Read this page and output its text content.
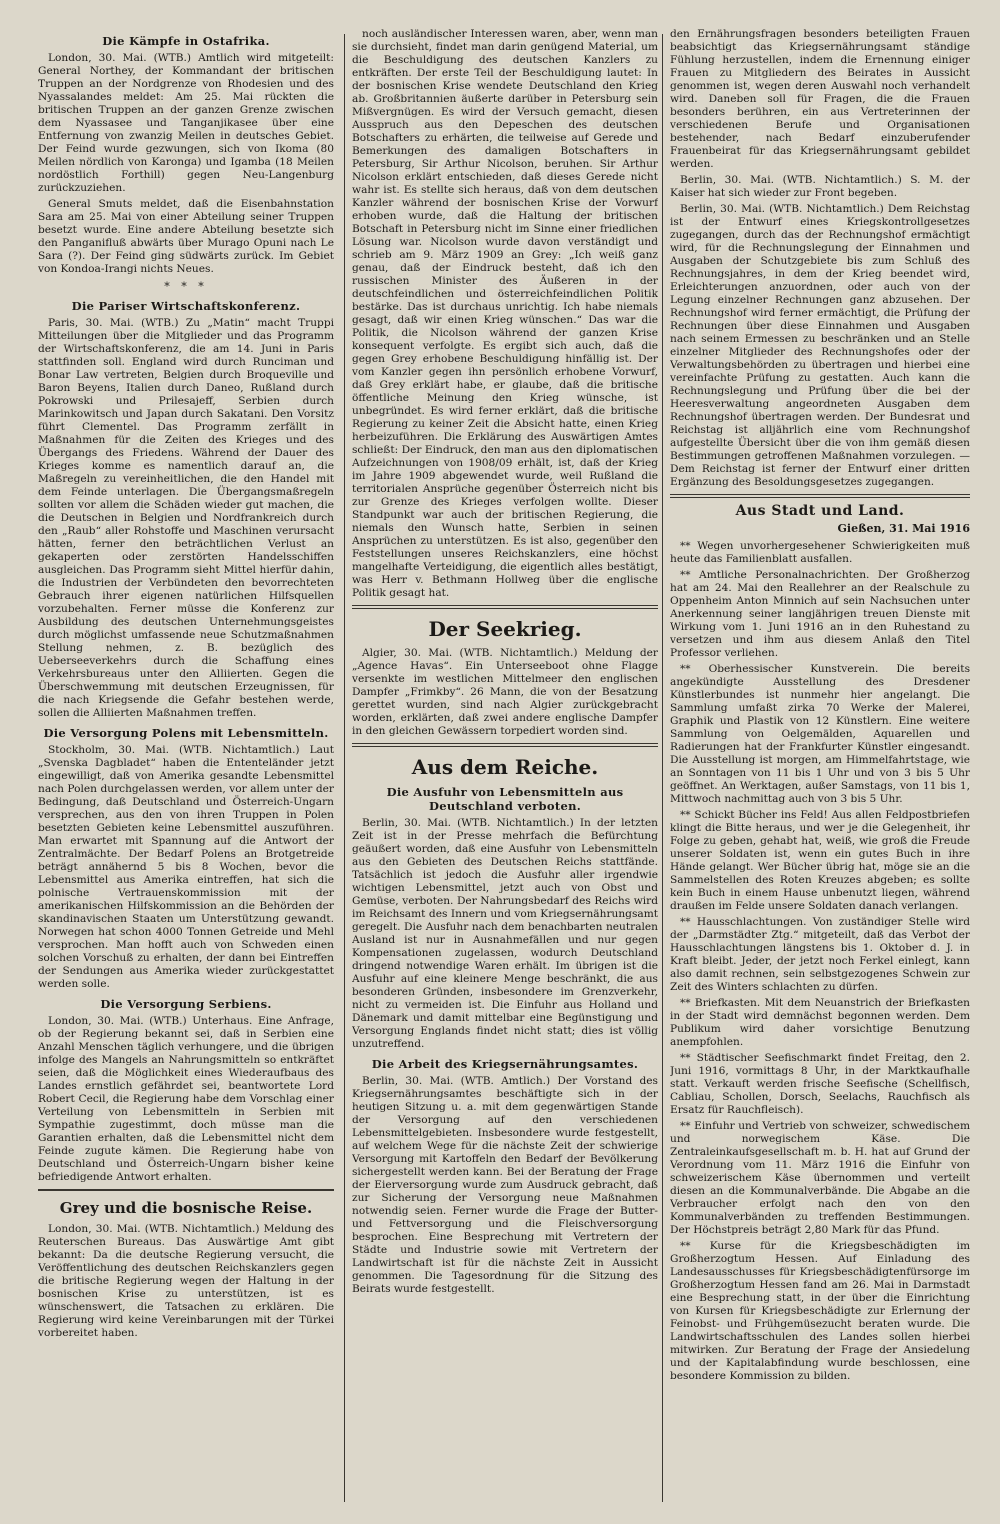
Die Kämpfe in Ostafrika.

London, 30. Mai. (WTB.) Amtlich wird mitgeteilt: General Northey, der Kommandant der britischen Truppen an der Nordgrenze von Rhodesien und des Nyassalandes meldet: Am 25. Mai rückten die britischen Truppen an der ganzen Grenze zwischen dem Nyassasee und Tanganjikasee über eine Entfernung von zwanzig Meilen in deutsches Gebiet. Der Feind wurde gezwungen, sich von Ikoma (80 Meilen nördlich von Karonga) und Igamba (18 Meilen nordöstlich Forthill) gegen Neu-Langenburg zurückzuziehen.

General Smuts meldet, daß die Eisenbahnstation Sara am 25. Mai von einer Abteilung seiner Truppen besetzt wurde. Eine andere Abteilung besetzte sich den Panganifluß abwärts über Murago Opuni nach Le Sara (?). Der Feind ging südwärts zurück. Im Gebiet von Kondoa-Irangi nichts Neues.

* * *
Die Pariser Wirtschaftskonferenz.

Paris, 30. Mai. (WTB.) Zu „Matin“ macht Truppi Mitteilungen über die Mitglieder und das Programm der Wirtschaftskonferenz, die am 14. Juni in Paris stattfinden soll. England wird durch Runciman und Bonar Law vertreten, Belgien durch Broqueville und Baron Beyens, Italien durch Daneo, Rußland durch Pokrowski und Prilesajeff, Serbien durch Marinkowitsch und Japan durch Sakatani. Den Vorsitz führt Clementel. Das Programm zerfällt in Maßnahmen für die Zeiten des Krieges und des Übergangs des Friedens. Während der Dauer des Krieges komme es namentlich darauf an, die Maßregeln zu vereinheitlichen, die den Handel mit dem Feinde unterlagen. Die Übergangsmaßregeln sollten vor allem die Schäden wieder gut machen, die die Deutschen in Belgien und Nordfrankreich durch den „Raub“ aller Rohstoffe und Maschinen verursacht hätten, ferner den beträchtlichen Verlust an gekaperten oder zerstörten Handelsschiffen ausgleichen. Das Programm sieht Mittel hierfür dahin, die Industrien der Verbündeten den bevorrechteten Gebrauch ihrer eigenen natürlichen Hilfsquellen vorzubehalten. Ferner müsse die Konferenz zur Ausbildung des deutschen Unternehmungsgeistes durch möglichst umfassende neue Schutzmaßnahmen Stellung nehmen, z. B. bezüglich des Ueberseeverkehrs durch die Schaffung eines Verkehrsbureaus unter den Alliierten. Gegen die Überschwemmung mit deutschen Erzeugnissen, für die nach Kriegsende die Gefahr bestehen werde, sollen die Alliierten Maßnahmen treffen.

Die Versorgung Polens mit Lebensmitteln.

Stockholm, 30. Mai. (WTB. Nichtamtlich.) Laut „Svenska Dagbladet“ haben die Ententeländer jetzt eingewilligt, daß von Amerika gesandte Lebensmittel nach Polen durchgelassen werden, vor allem unter der Bedingung, daß Deutschland und Österreich-Ungarn versprechen, aus den von ihren Truppen in Polen besetzten Gebieten keine Lebensmittel auszuführen. Man erwartet mit Spannung auf die Antwort der Zentralmächte. Der Bedarf Polens an Brotgetreide beträgt annähernd 5 bis 8 Wochen, bevor die Lebensmittel aus Amerika eintreffen, hat sich die polnische Vertrauenskommission mit der amerikanischen Hilfskommission an die Behörden der skandinavischen Staaten um Unterstützung gewandt. Norwegen hat schon 4000 Tonnen Getreide und Mehl versprochen. Man hofft auch von Schweden einen solchen Vorschuß zu erhalten, der dann bei Eintreffen der Sendungen aus Amerika wieder zurückgestattet werden solle.

Die Versorgung Serbiens.

London, 30. Mai. (WTB.) Unterhaus. Eine Anfrage, ob der Regierung bekannt sei, daß in Serbien eine Anzahl Menschen täglich verhungere, und die übrigen infolge des Mangels an Nahrungsmitteln so entkräftet seien, daß die Möglichkeit eines Wiederaufbaus des Landes ernstlich gefährdet sei, beantwortete Lord Robert Cecil, die Regierung habe dem Vorschlag einer Verteilung von Lebensmitteln in Serbien mit Sympathie zugestimmt, doch müsse man die Garantien erhalten, daß die Lebensmittel nicht dem Feinde zugute kämen. Die Regierung habe von Deutschland und Österreich-Ungarn bisher keine befriedigende Antwort erhalten.

Grey und die bosnische Reise.

London, 30. Mai. (WTB. Nichtamtlich.) Meldung des Reuterschen Bureaus. Das Auswärtige Amt gibt bekannt: Da die deutsche Regierung versucht, die Veröffentlichung des deutschen Reichskanzlers gegen die britische Regierung wegen der Haltung in der bosnischen Krise zu unterstützen, ist es wünschenswert, die Tatsachen zu erklären. Die Regierung wird keine Vereinbarungen mit der Türkei vorbereitet haben.

noch ausländischer Interessen waren, aber, wenn man sie durchsieht, findet man darin genügend Material, um die Beschuldigung des deutschen Kanzlers zu entkräften. Der erste Teil der Beschuldigung lautet: In der bosnischen Krise wendete Deutschland den Krieg ab. Großbritannien äußerte darüber in Petersburg sein Mißvergnügen. Es wird der Versuch gemacht, diesen Ausspruch aus den Depeschen des deutschen Botschafters zu erhärten, die teilweise auf Gerede und Bemerkungen des damaligen Botschafters in Petersburg, Sir Arthur Nicolson, beruhen. Sir Arthur Nicolson erklärt entschieden, daß dieses Gerede nicht wahr ist. Es stellte sich heraus, daß von dem deutschen Kanzler während der bosnischen Krise der Vorwurf erhoben wurde, daß die Haltung der britischen Botschaft in Petersburg nicht im Sinne einer friedlichen Lösung war. Nicolson wurde davon verständigt und schrieb am 9. März 1909 an Grey: „Ich weiß ganz genau, daß der Eindruck besteht, daß ich den russischen Minister des Äußeren in der deutschfeindlichen und österreichfeindlichen Politik bestärke. Das ist durchaus unrichtig. Ich habe niemals gesagt, daß wir einen Krieg wünschen.“ Das war die Politik, die Nicolson während der ganzen Krise konsequent verfolgte. Es ergibt sich auch, daß die gegen Grey erhobene Beschuldigung hinfällig ist. Der vom Kanzler gegen ihn persönlich erhobene Vorwurf, daß Grey erklärt habe, er glaube, daß die britische öffentliche Meinung den Krieg wünsche, ist unbegründet. Es wird ferner erklärt, daß die britische Regierung zu keiner Zeit die Absicht hatte, einen Krieg herbeizuführen. Die Erklärung des Auswärtigen Amtes schließt: Der Eindruck, den man aus den diplomatischen Aufzeichnungen von 1908/09 erhält, ist, daß der Krieg im Jahre 1909 abgewendet wurde, weil Rußland die territorialen Ansprüche gegenüber Österreich nicht bis zur Grenze des Krieges verfolgen wollte. Dieser Standpunkt war auch der britischen Regierung, die niemals den Wunsch hatte, Serbien in seinen Ansprüchen zu unterstützen. Es ist also, gegenüber den Feststellungen unseres Reichskanzlers, eine höchst mangelhafte Verteidigung, die eigentlich alles bestätigt, was Herr v. Bethmann Hollweg über die englische Politik gesagt hat.

Der Seekrieg.

Algier, 30. Mai. (WTB. Nichtamtlich.) Meldung der „Agence Havas“. Ein Unterseeboot ohne Flagge versenkte im westlichen Mittelmeer den englischen Dampfer „Frimkby“. 26 Mann, die von der Besatzung gerettet wurden, sind nach Algier zurückgebracht worden, erklärten, daß zwei andere englische Dampfer in den gleichen Gewässern torpediert worden sind.

Aus dem Reiche.
Die Ausfuhr von Lebensmitteln aus Deutschland verboten.

Berlin, 30. Mai. (WTB. Nichtamtlich.) In der letzten Zeit ist in der Presse mehrfach die Befürchtung geäußert worden, daß eine Ausfuhr von Lebensmitteln aus den Gebieten des Deutschen Reichs stattfände. Tatsächlich ist jedoch die Ausfuhr aller irgendwie wichtigen Lebensmittel, jetzt auch von Obst und Gemüse, verboten. Der Nahrungsbedarf des Reichs wird im Reichsamt des Innern und vom Kriegsernährungsamt geregelt. Die Ausfuhr nach dem benachbarten neutralen Ausland ist nur in Ausnahmefällen und nur gegen Kompensationen zugelassen, wodurch Deutschland dringend notwendige Waren erhält. Im übrigen ist die Ausfuhr auf eine kleinere Menge beschränkt, die aus besonderen Gründen, insbesondere im Grenzverkehr, nicht zu vermeiden ist. Die Einfuhr aus Holland und Dänemark und damit mittelbar eine Begünstigung und Versorgung Englands findet nicht statt; dies ist völlig unzutreffend.

Die Arbeit des Kriegsernährungsamtes.

Berlin, 30. Mai. (WTB. Amtlich.) Der Vorstand des Kriegsernährungsamtes beschäftigte sich in der heutigen Sitzung u. a. mit dem gegenwärtigen Stande der Versorgung auf den verschiedenen Lebensmittelgebieten. Insbesondere wurde festgestellt, auf welchem Wege für die nächste Zeit der schwierige Versorgung mit Kartoffeln den Bedarf der Bevölkerung sichergestellt werden kann. Bei der Beratung der Frage der Eierversorgung wurde zum Ausdruck gebracht, daß zur Sicherung der Versorgung neue Maßnahmen notwendig seien. Ferner wurde die Frage der Butter- und Fettversorgung und die Fleischversorgung besprochen. Eine Besprechung mit Vertretern der Städte und Industrie sowie mit Vertretern der Landwirtschaft ist für die nächste Zeit in Aussicht genommen. Die Tagesordnung für die Sitzung des Beirats wurde festgestellt.

den Ernährungsfragen besonders beteiligten Frauen beabsichtigt das Kriegsernährungsamt ständige Fühlung herzustellen, indem die Ernennung einiger Frauen zu Mitgliedern des Beirates in Aussicht genommen ist, wegen deren Auswahl noch verhandelt wird. Daneben soll für Fragen, die die Frauen besonders berühren, ein aus Vertreterinnen der verschiedenen Berufe und Organisationen bestehender, nach Bedarf einzuberufender Frauenbeirat für das Kriegsernährungsamt gebildet werden.

Berlin, 30. Mai. (WTB. Nichtamtlich.) S. M. der Kaiser hat sich wieder zur Front begeben.

Berlin, 30. Mai. (WTB. Nichtamtlich.) Dem Reichstag ist der Entwurf eines Kriegskontrollgesetzes zugegangen, durch das der Rechnungshof ermächtigt wird, für die Rechnungslegung der Einnahmen und Ausgaben der Schutzgebiete bis zum Schluß des Rechnungsjahres, in dem der Krieg beendet wird, Erleichterungen anzuordnen, oder auch von der Legung einzelner Rechnungen ganz abzusehen. Der Rechnungshof wird ferner ermächtigt, die Prüfung der Rechnungen über diese Einnahmen und Ausgaben nach seinem Ermessen zu beschränken und an Stelle einzelner Mitglieder des Rechnungshofes oder der Verwaltungsbehörden zu übertragen und hierbei eine vereinfachte Prüfung zu gestatten. Auch kann die Rechnungslegung und Prüfung über die bei der Heeresverwaltung angeordneten Ausgaben dem Rechnungshof übertragen werden. Der Bundesrat und Reichstag ist alljährlich eine vom Rechnungshof aufgestellte Übersicht über die von ihm gemäß diesen Bestimmungen getroffenen Maßnahmen vorzulegen. — Dem Reichstag ist ferner der Entwurf einer dritten Ergänzung des Besoldungsgesetzes zugegangen.

Aus Stadt und Land.
Gießen, 31. Mai 1916

** Wegen unvorhergesehener Schwierigkeiten muß heute das Familienblatt ausfallen.

** Amtliche Personalnachrichten. Der Großherzog hat am 24. Mai den Reallehrer an der Realschule zu Oppenheim Anton Minnich auf sein Nachsuchen unter Anerkennung seiner langjährigen treuen Dienste mit Wirkung vom 1. Juni 1916 an in den Ruhestand zu versetzen und ihm aus diesem Anlaß den Titel Professor verliehen.

** Oberhessischer Kunstverein. Die bereits angekündigte Ausstellung des Dresdener Künstlerbundes ist nunmehr hier angelangt. Die Sammlung umfaßt zirka 70 Werke der Malerei, Graphik und Plastik von 12 Künstlern. Eine weitere Sammlung von Oelgemälden, Aquarellen und Radierungen hat der Frankfurter Künstler eingesandt. Die Ausstellung ist morgen, am Himmelfahrtstage, wie an Sonntagen von 11 bis 1 Uhr und von 3 bis 5 Uhr geöffnet. An Werktagen, außer Samstags, von 11 bis 1, Mittwoch nachmittag auch von 3 bis 5 Uhr.

** Schickt Bücher ins Feld! Aus allen Feldpostbriefen klingt die Bitte heraus, und wer je die Gelegenheit, ihr Folge zu geben, gehabt hat, weiß, wie groß die Freude unserer Soldaten ist, wenn ein gutes Buch in ihre Hände gelangt. Wer Bücher übrig hat, möge sie an die Sammelstellen des Roten Kreuzes abgeben; es sollte kein Buch in einem Hause unbenutzt liegen, während draußen im Felde unsere Soldaten danach verlangen.

** Hausschlachtungen. Von zuständiger Stelle wird der „Darmstädter Ztg.“ mitgeteilt, daß das Verbot der Hausschlachtungen längstens bis 1. Oktober d. J. in Kraft bleibt. Jeder, der jetzt noch Ferkel einlegt, kann also damit rechnen, sein selbstgezogenes Schwein zur Zeit des Winters schlachten zu dürfen.

** Briefkasten. Mit dem Neuanstrich der Briefkasten in der Stadt wird demnächst begonnen werden. Dem Publikum wird daher vorsichtige Benutzung anempfohlen.

** Städtischer Seefischmarkt findet Freitag, den 2. Juni 1916, vormittags 8 Uhr, in der Marktkaufhalle statt. Verkauft werden frische Seefische (Schellfisch, Cabliau, Schollen, Dorsch, Seelachs, Rauchfisch als Ersatz für Rauchfleisch).

** Einfuhr und Vertrieb von schweizer, schwedischem und norwegischem Käse. Die Zentraleinkaufsgesellschaft m. b. H. hat auf Grund der Verordnung vom 11. März 1916 die Einfuhr von schweizerischem Käse übernommen und verteilt diesen an die Kommunalverbände. Die Abgabe an die Verbraucher erfolgt nach den von den Kommunalverbänden zu treffenden Bestimmungen. Der Höchstpreis beträgt 2,80 Mark für das Pfund.

** Kurse für die Kriegsbeschädigten im Großherzogtum Hessen. Auf Einladung des Landesausschusses für Kriegsbeschädigtenfürsorge im Großherzogtum Hessen fand am 26. Mai in Darmstadt eine Besprechung statt, in der über die Einrichtung von Kursen für Kriegsbeschädigte zur Erlernung der Feinobst- und Frühgemüsezucht beraten wurde. Die Landwirtschaftsschulen des Landes sollen hierbei mitwirken. Zur Beratung der Frage der Ansiedelung und der Kapitalabfindung wurde beschlossen, eine besondere Kommission zu bilden.
